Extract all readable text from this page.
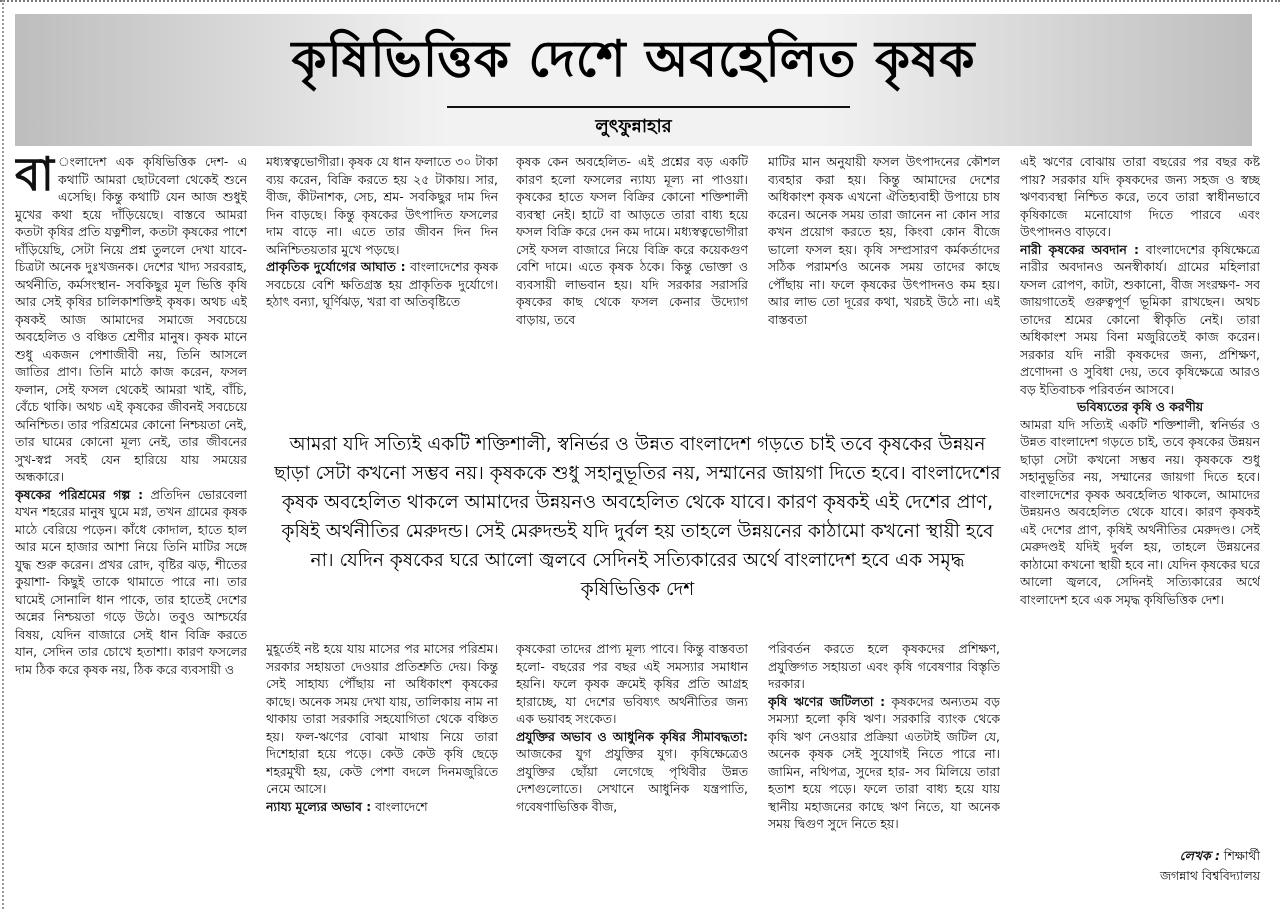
কৃষিভিত্তিক দেশে অবহেলিত কৃষক
লুৎফুন্নাহার
বা ংলাদেশ এক কৃষিভিত্তিক দেশ- এ কথাটি আমরা ছোটবেলা থেকেই শুনে এসেছি। কিন্তু কথাটি যেন আজ শুধুই মুখের কথা হয়ে দাঁড়িয়েছে। বাস্তবে আমরা কতটা কৃষির প্রতি যত্নশীল, কতটা কৃষকের পাশে দাঁড়িয়েছি, সেটা নিয়ে প্রশ্ন তুললে দেখা যাবে- চিত্রটা অনেক দুঃখজনক। দেশের খাদ্য সরবরাহ, অর্থনীতি, কর্মসংস্থান- সবকিছুর মূল ভিত্তি কৃষি আর সেই কৃষির চালিকাশক্তিই কৃষক। অথচ এই কৃষকই আজ আমাদের সমাজে সবচেয়ে অবহেলিত ও বঞ্চিত শ্রেণীর মানুষ। কৃষক মানে শুধু একজন পেশাজীবী নয়, তিনি আসলে জাতির প্রাণ। তিনি মাঠে কাজ করেন, ফসল ফলান, সেই ফসল থেকেই আমরা খাই, বাঁচি, বেঁচে থাকি। অথচ এই কৃষকের জীবনই সবচেয়ে অনিশ্চিত। তার পরিশ্রমের কোনো নিশ্চয়তা নেই, তার ঘামের কোনো মূল্য নেই, তার জীবনের সুখ-স্বপ্ন সবই যেন হারিয়ে যায় সময়ের অন্ধকারে।

কৃষকের পরিশ্রমের গল্প : প্রতিদিন ভোরবেলা যখন শহরের মানুষ ঘুমে মগ্ন, তখন গ্রামের কৃষক মাঠে বেরিয়ে পড়েন। কাঁধে কোদাল, হাতে হাল আর মনে হাজার আশা নিয়ে তিনি মাটির সঙ্গে যুদ্ধ শুরু করেন। প্রখর রোদ, বৃষ্টির ঝড়, শীতের কুয়াশা- কিছুই তাকে থামাতে পারে না। তার ঘামেই সোনালি ধান পাকে, তার হাতেই দেশের অন্নের নিশ্চয়তা গড়ে উঠে। তবুও আশ্চর্যের বিষয়, যেদিন বাজারে সেই ধান বিক্রি করতে যান, সেদিন তার চোখে হতাশা। কারণ ফসলের দাম ঠিক করে কৃষক নয়, ঠিক করে ব্যবসায়ী ও

মধ্যস্বত্বভোগীরা। কৃষক যে ধান ফলাতে ৩০ টাকা ব্যয় করেন, বিক্রি করতে হয় ২৫ টাকায়। সার, বীজ, কীটনাশক, সেচ, শ্রম- সবকিছুর দাম দিন দিন বাড়ছে। কিন্তু কৃষকের উৎপাদিত ফসলের দাম বাড়ে না। এতে তার জীবন দিন দিন অনিশ্চিতয়তার মুখে পড়ছে।

প্রাকৃতিক দুর্যোগের আঘাত : বাংলাদেশের কৃষক সবচেয়ে বেশি ক্ষতিগ্রস্ত হয় প্রাকৃতিক দুর্যোগে। হঠাৎ বন্যা, ঘূর্ণিঝড়, খরা বা অতিবৃষ্টিতে

কৃষক কেন অবহেলিত- এই প্রশ্নের বড় একটি কারণ হলো ফসলের ন্যায্য মূল্য না পাওয়া। কৃষকের হাতে ফসল বিক্রির কোনো শক্তিশালী ব্যবস্থা নেই। হাটে বা আড়তে তারা বাধ্য হয়ে ফসল বিক্রি করে দেন কম দামে। মধ্যস্বত্বভোগীরা সেই ফসল বাজারে নিয়ে বিক্রি করে কয়েকগুণ বেশি দামে। এতে কৃষক ঠকে। কিন্তু ভোক্তা ও ব্যবসায়ী লাভবান হয়। যদি সরকার সরাসরি কৃষকের কাছ থেকে ফসল কেনার উদ্যোগ বাড়ায়, তবে

মাটির মান অনুযায়ী ফসল উৎপাদনের কৌশল ব্যবহার করা হয়। কিন্তু আমাদের দেশের অধিকাংশ কৃষক এখনো ঐতিহ্যবাহী উপায়ে চাষ করেন। অনেক সময় তারা জানেন না কোন সার কখন প্রয়োগ করতে হয়, কিংবা কোন বীজে ভালো ফসল হয়। কৃষি সম্প্রসারণ কর্মকর্তাদের সঠিক পরামর্শও অনেক সময় তাদের কাছে পৌঁছায় না। ফলে কৃষকের উৎপাদনও কম হয়। আর লাভ তো দূরের কথা, খরচই উঠে না। এই বাস্তবতা

আমরা যদি সত্যিই একটি শক্তিশালী, স্বনির্ভর ও উন্নত বাংলাদেশ গড়তে চাই তবে কৃষকের উন্নয়ন ছাড়া সেটা কখনো সম্ভব নয়। কৃষককে শুধু সহানুভূতির নয়, সম্মানের জায়গা দিতে হবে। বাংলাদেশের কৃষক অবহেলিত থাকলে আমাদের উন্নয়নও অবহেলিত থেকে যাবে। কারণ কৃষকই এই দেশের প্রাণ, কৃষিই অর্থনীতির মেরুদন্ড। সেই মেরুদন্ডই যদি দুর্বল হয় তাহলে উন্নয়নের কাঠামো কখনো স্থায়ী হবে না। যেদিন কৃষকের ঘরে আলো জ্বলবে সেদিনই সত্যিকারের অর্থে বাংলাদেশ হবে এক সমৃদ্ধ কৃষিভিত্তিক দেশ

মুহূর্তেই নষ্ট হয়ে যায় মাসের পর মাসের পরিশ্রম। সরকার সহায়তা দেওয়ার প্রতিশ্রুতি দেয়। কিন্তু সেই সাহায্য পৌঁছায় না অধিকাংশ কৃষকের কাছে। অনেক সময় দেখা যায়, তালিকায় নাম না থাকায় তারা সরকারি সহযোগিতা থেকে বঞ্চিত হয়। ফল-ঋণের বোঝা মাথায় নিয়ে তারা দিশেহারা হয়ে পড়ে। কেউ কেউ কৃষি ছেড়ে শহরমুখী হয়, কেউ পেশা বদলে দিনমজুরিতে নেমে আসে।

ন্যায্য মূল্যের অভাব : বাংলাদেশে

কৃষকেরা তাদের প্রাপ্য মূল্য পাবে। কিন্তু বাস্তবতা হলো- বছরের পর বছর এই সমস্যার সমাধান হয়নি। ফলে কৃষক ক্রমেই কৃষির প্রতি আগ্রহ হারাচ্ছে, যা দেশের ভবিষ্যৎ অর্থনীতির জন্য এক ভয়াবহ সংকেত।

প্রযুক্তির অভাব ও আধুনিক কৃষির সীমাবদ্ধতা: আজকের যুগ প্রযুক্তির যুগ। কৃষিক্ষেত্রেও প্রযুক্তির ছোঁয়া লেগেছে পৃথিবীর উন্নত দেশগুলোতে। সেখানে আধুনিক যন্ত্রপাতি, গবেষণাভিত্তিক বীজ,

পরিবর্তন করতে হলে কৃষকদের প্রশিক্ষণ, প্রযুক্তিগত সহায়তা এবং কৃষি গবেষণার বিস্তৃতি দরকার।

কৃষি ঋণের জটিলতা : কৃষকদের অন্যতম বড় সমস্যা হলো কৃষি ঋণ। সরকারি ব্যাংক থেকে কৃষি ঋণ নেওয়ার প্রক্রিয়া এতটাই জটিল যে, অনেক কৃষক সেই সুযোগই নিতে পারে না। জামিন, নথিপত্র, সুদের হার- সব মিলিয়ে তারা হতাশ হয়ে পড়ে। ফলে তারা বাধ্য হয়ে যায় স্থানীয় মহাজনের কাছে ঋণ নিতে, যা অনেক সময় দ্বিগুণ সুদে নিতে হয়।

এই ঋণের বোঝায় তারা বছরের পর বছর কষ্ট পায়? সরকার যদি কৃষকদের জন্য সহজ ও স্বচ্ছ ঋণব্যবস্থা নিশ্চিত করে, তবে তারা স্বাধীনভাবে কৃষিকাজে মনোযোগ দিতে পারবে এবং উৎপাদনও বাড়বে।

নারী কৃষকের অবদান : বাংলাদেশের কৃষিক্ষেত্রে নারীর অবদানও অনস্বীকার্য। গ্রামের মহিলারা ফসল রোপণ, কাটা, শুকানো, বীজ সংরক্ষণ- সব জায়গাতেই গুরুত্বপূর্ণ ভূমিকা রাখছেন। অথচ তাদের শ্রমের কোনো স্বীকৃতি নেই। তারা অধিকাংশ সময় বিনা মজুরিতেই কাজ করেন। সরকার যদি নারী কৃষকদের জন্য, প্রশিক্ষণ, প্রণোদনা ও সুবিধা দেয়, তবে কৃষিক্ষেত্রে আরও বড় ইতিবাচক পরিবর্তন আসবে।

ভবিষ্যতের কৃষি ও করণীয়

আমরা যদি সত্যিই একটি শক্তিশালী, স্বনির্ভর ও উন্নত বাংলাদেশ গড়তে চাই, তবে কৃষকের উন্নয়ন ছাড়া সেটা কখনো সম্ভব নয়। কৃষককে শুধু সহানুভূতির নয়, সম্মানের জায়গা দিতে হবে। বাংলাদেশের কৃষক অবহেলিত থাকলে, আমাদের উন্নয়নও অবহেলিত থেকে যাবে। কারণ কৃষকই এই দেশের প্রাণ, কৃষিই অর্থনীতির মেরুদণ্ড। সেই মেরুদণ্ডই যদিই দুর্বল হয়, তাহলে উন্নয়নের কাঠামো কখনো স্থায়ী হবে না। যেদিন কৃষকের ঘরে আলো জ্বলবে, সেদিনই সত্যিকারের অর্থে বাংলাদেশ হবে এক সমৃদ্ধ কৃষিভিত্তিক দেশ।

লেখক : শিক্ষার্থী
জগন্নাথ বিশ্ববিদ্যালয়
